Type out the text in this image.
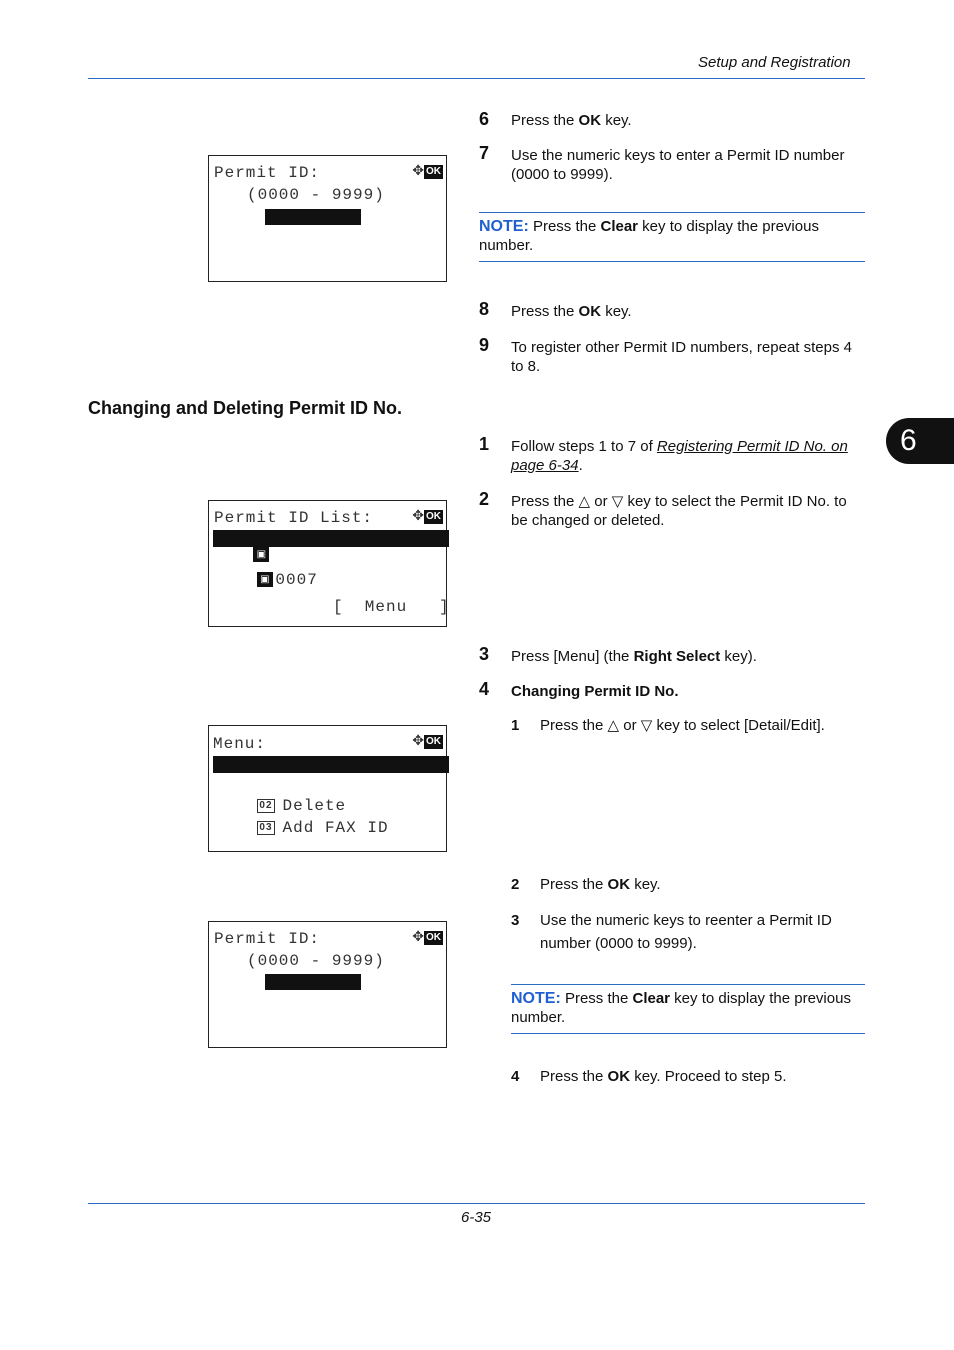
Setup and Registration
6
Permit ID:	✥ OK
(0000 - 9999)

0000

6 Press the OK key.
7 Use the numeric keys to enter a Permit ID number (0000 to 9999).
NOTE: Press the Clear key to display the previous number.
8 Press the OK key.
9 To register other Permit ID numbers, repeat steps 4 to 8.
Changing and Deleting Permit ID No.
1 Follow steps 1 to 7 of Registering Permit ID No. on page 6-34.
Permit ID List:	✥ OK

▣ 0004

▣ 0007

[  Menu   ]
2 Press the △ or ▽ key to select the Permit ID No. to be changed or deleted.
3 Press [Menu] (the Right Select key).
4 Changing Permit ID No.
1 Press the △ or ▽ key to select [Detail/Edit].
Menu:	✥ OK

01 Detail/Edit

02 Delete

03 Add FAX ID

2 Press the OK key.
3 Use the numeric keys to reenter a Permit ID number (0000 to 9999).
Permit ID:	✥ OK
(0000 - 9999)

0004
	NOTE: Press the Clear key to display the previous number.
4 Press the OK key. Proceed to step 5.
6-35
